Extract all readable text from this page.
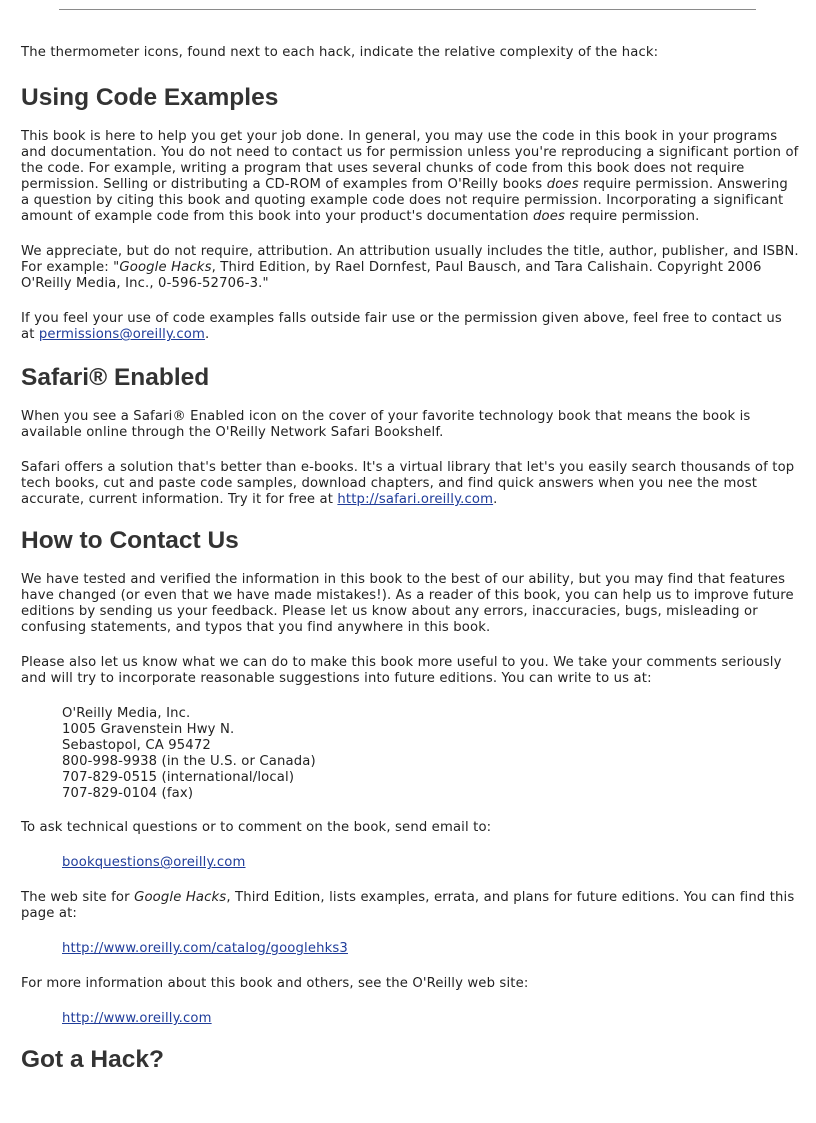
The thermometer icons, found next to each hack, indicate the relative complexity of the hack:

Using Code Examples

This book is here to help you get your job done. In general, you may use the code in this book in your programs and documentation. You do not need to contact us for permission unless you're reproducing a significant portion of the code. For example, writing a program that uses several chunks of code from this book does not require permission. Selling or distributing a CD-ROM of examples from O'Reilly books does require permission. Answering a question by citing this book and quoting example code does not require permission. Incorporating a significant amount of example code from this book into your product's documentation does require permission.

We appreciate, but do not require, attribution. An attribution usually includes the title, author, publisher, and ISBN. For example: "Google Hacks, Third Edition, by Rael Dornfest, Paul Bausch, and Tara Calishain. Copyright 2006 O'Reilly Media, Inc., 0-596-52706-3."

If you feel your use of code examples falls outside fair use or the permission given above, feel free to contact us at permissions@oreilly.com.

Safari® Enabled

When you see a Safari® Enabled icon on the cover of your favorite technology book that means the book is available online through the O'Reilly Network Safari Bookshelf.

Safari offers a solution that's better than e-books. It's a virtual library that let's you easily search thousands of top tech books, cut and paste code samples, download chapters, and find quick answers when you nee the most accurate, current information. Try it for free at http://safari.oreilly.com.

How to Contact Us

We have tested and verified the information in this book to the best of our ability, but you may find that features have changed (or even that we have made mistakes!). As a reader of this book, you can help us to improve future editions by sending us your feedback. Please let us know about any errors, inaccuracies, bugs, misleading or confusing statements, and typos that you find anywhere in this book.

Please also let us know what we can do to make this book more useful to you. We take your comments seriously and will try to incorporate reasonable suggestions into future editions. You can write to us at:

O'Reilly Media, Inc.
1005 Gravenstein Hwy N.
Sebastopol, CA 95472
800-998-9938 (in the U.S. or Canada)
707-829-0515 (international/local)
707-829-0104 (fax)

To ask technical questions or to comment on the book, send email to:

bookquestions@oreilly.com

The web site for Google Hacks, Third Edition, lists examples, errata, and plans for future editions. You can find this page at:

http://www.oreilly.com/catalog/googlehks3

For more information about this book and others, see the O'Reilly web site:

http://www.oreilly.com

Got a Hack?
